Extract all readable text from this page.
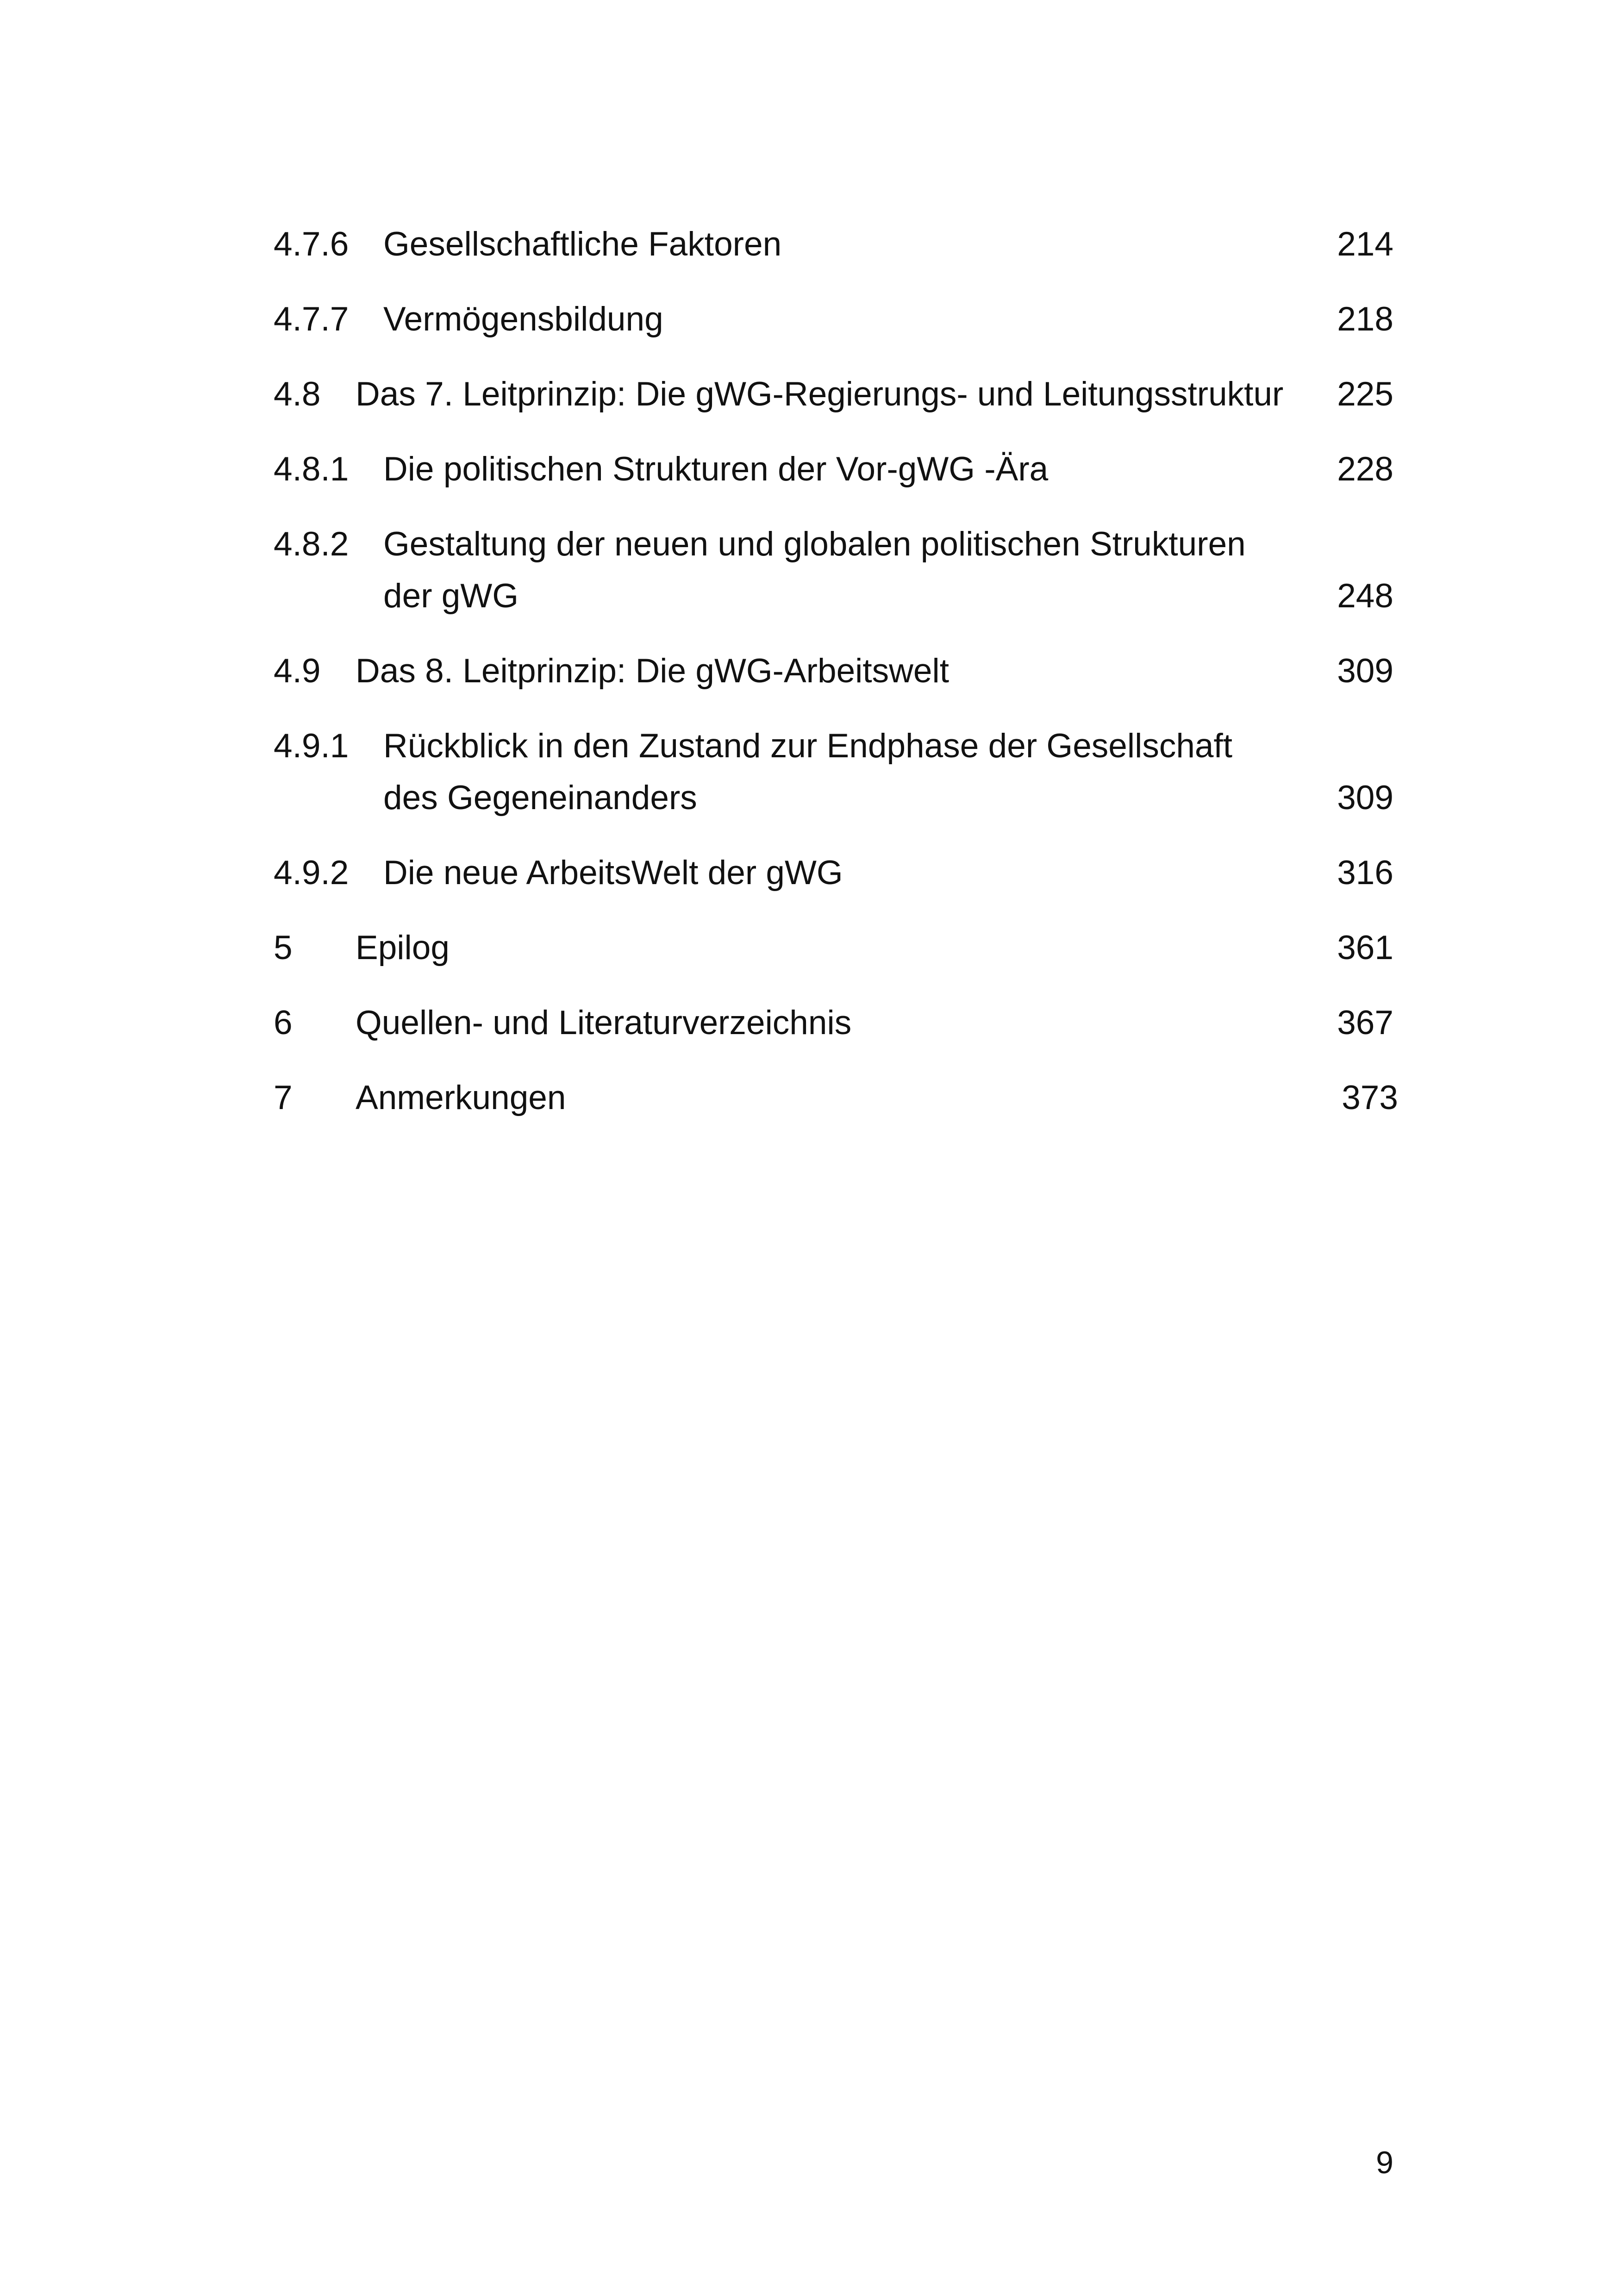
4.7.6 Gesellschaftliche Faktoren	214
4.7.7 Vermögensbildung	218
4.8 Das 7. Leitprinzip: Die gWG-Regierungs- und Leitungsstruktur 225
4.8.1 Die politischen Strukturen der Vor-gWG -Ära	228
4.8.2 Gestaltung der neuen und globalen politischen Strukturen
der gWG	248
4.9 Das 8. Leitprinzip: Die gWG-Arbeitswelt	309
4.9.1 Rückblick in den Zustand zur Endphase der Gesellschaft
des Gegeneinanders	309
4.9.2 Die neue ArbeitsWelt der gWG	316
5 Epilog	361
6 Quellen- und Literaturverzeichnis	367
7 Anmerkungen	373
9
